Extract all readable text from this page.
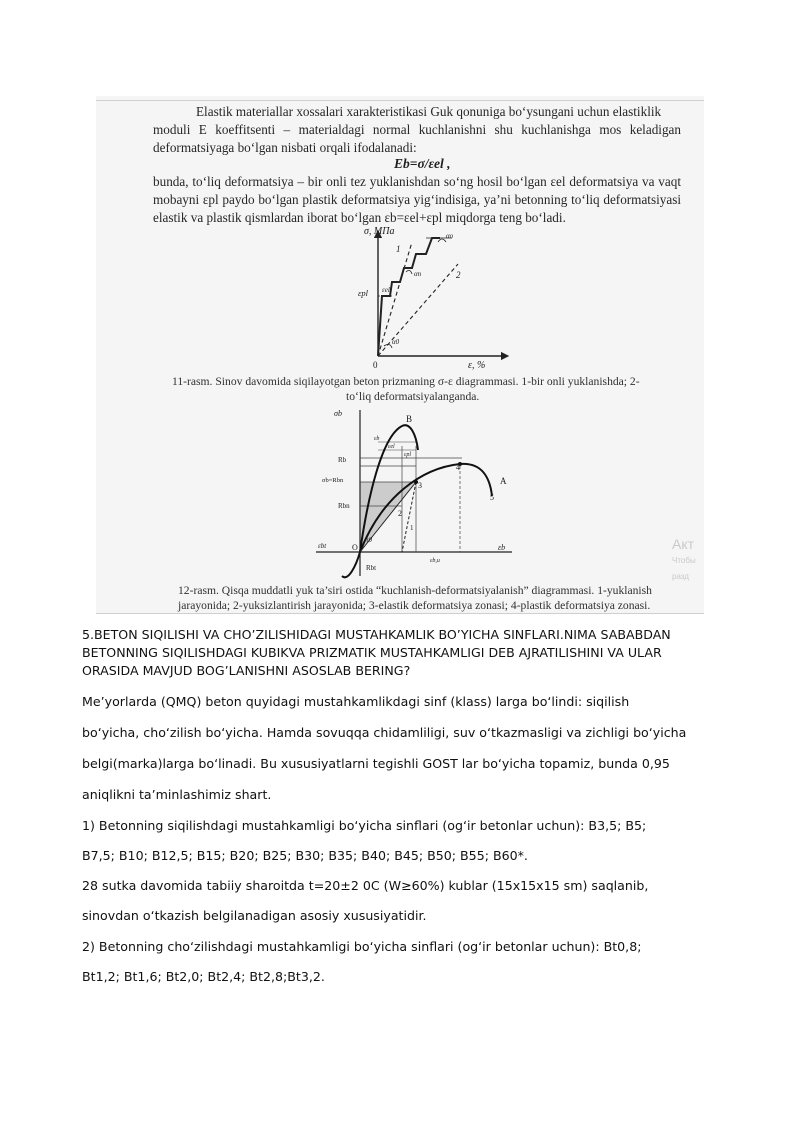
Elastik materiallar xossalari xarakteristikasi Guk qonuniga bo‘ysungani uchun elastiklik
moduli E koeffitsenti – materialdagi normal kuchlanishni shu kuchlanishga mos keladigan
deformatsiyaga bo‘lgan nisbati orqali ifodalanadi:
Eb=σ/εel ,
bunda, to‘liq deformatsiya – bir onli tez yuklanishdan so‘ng hosil bo‘lgan εel deformatsiya va vaqt
mobayni εpl paydo bo‘lgan plastik deformatsiya yig‘indisiga, ya’ni betonning to‘liq deformatsiyasi
elastik va plastik qismlardan iborat bo‘lgan εb=εel+εpl miqdorga teng bo‘ladi.
σ, MПа
ε, %
0
1
2
εpl εel
α0
αn
αo
11-rasm. Sinov davomida siqilayotgan beton prizmaning σ-ε diagrammasi. 1-bir onli yuklanishda; 2-
to‘liq deformatsiyalanganda.
σb
εb
B
A
4
5
3
2
1
O
Rb
σb=Rbn
Rbn
Rbt
εbt
εb
εel
εpl
εb,u
τ0	Акт
Чтобы
разд
12-rasm. Qisqa muddatli yuk ta’siri ostida “kuchlanish-deformatsiyalanish” diagrammasi. 1-yuklanish
jarayonida; 2-yuksizlantirish jarayonida; 3-elastik deformatsiya zonasi; 4-plastik deformatsiya zonasi.
5.BETON SIQILISHI VA CHO’ZILISHIDAGI MUSTAHKAMLIK BO’YICHA SINFLARI.NIMA SABABDAN
BETONNING SIQILISHDAGI KUBIKVA PRIZMATIK MUSTAHKAMLIGI DEB AJRATILISHINI VA ULAR
ORASIDA MAVJUD BOG’LANISHNI ASOSLAB BERING?
Me’yorlarda (QMQ) beton quyidagi mustahkamlikdagi sinf (klass) larga bo‘lindi: siqilish
bo‘yicha, cho‘zilish bo‘yicha. Hamda sovuqqa chidamliligi, suv o‘tkazmasligi va zichligi bo‘yicha
belgi(marka)larga bo‘linadi. Bu xususiyatlarni tegishli GOST lar bo‘yicha topamiz, bunda 0,95
aniqlikni ta’minlashimiz shart.
1) Betonning siqilishdagi mustahkamligi bo‘yicha sinflari (og‘ir betonlar uchun): B3,5; B5;
B7,5; B10; B12,5; B15; B20; B25; B30; B35; B40; B45; B50; B55; B60*.
28 sutka davomida tabiiy sharoitda t=20±2 0C (W≥60%) kublar (15x15x15 sm) saqlanib,
sinovdan o‘tkazish belgilanadigan asosiy xususiyatidir.
2) Betonning cho‘zilishdagi mustahkamligi bo‘yicha sinflari (og‘ir betonlar uchun): Bt0,8;
Bt1,2; Bt1,6; Bt2,0; Bt2,4; Bt2,8;Bt3,2.
